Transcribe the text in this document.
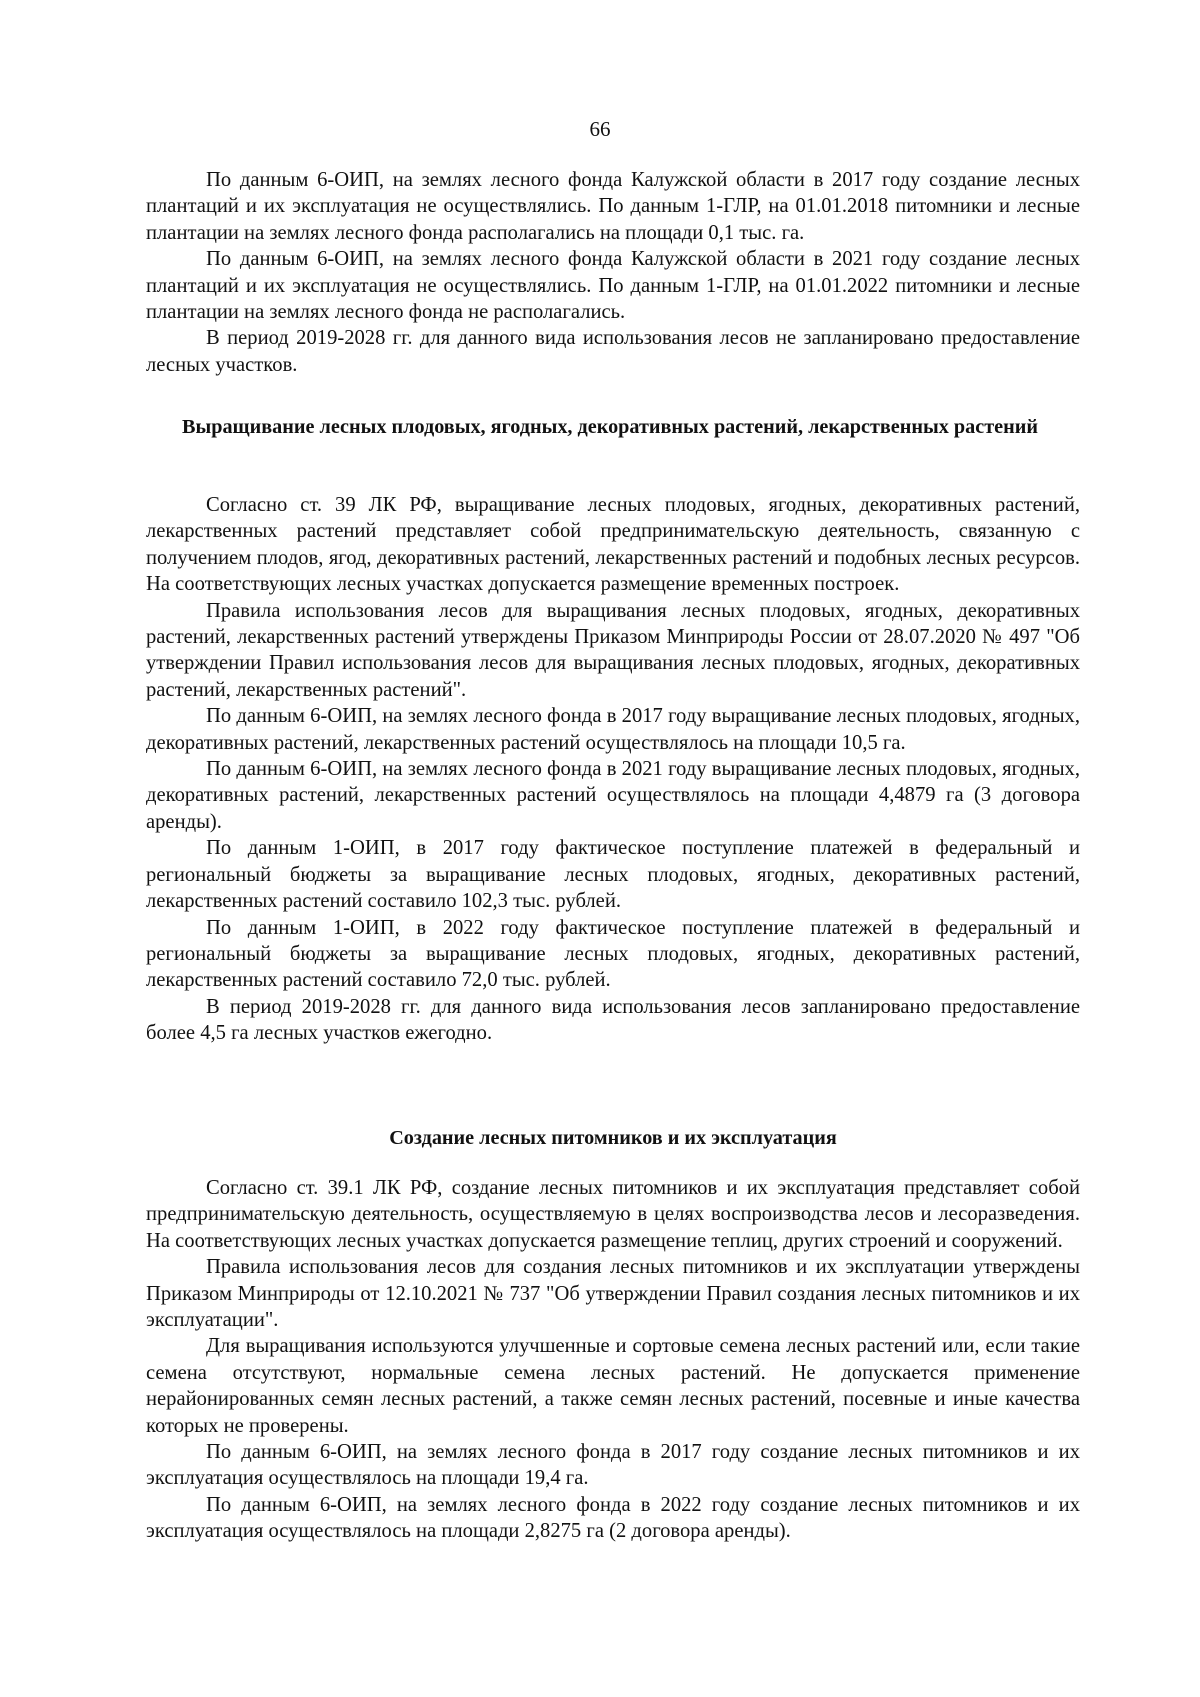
66

По данным 6-ОИП, на землях лесного фонда Калужской области в 2017 году создание лесных плантаций и их эксплуатация не осуществлялись. По данным 1-ГЛР, на 01.01.2018 питомники и лесные плантации на землях лесного фонда располагались на площади 0,1 тыс. га.

По данным 6-ОИП, на землях лесного фонда Калужской области в 2021 году создание лесных плантаций и их эксплуатация не осуществлялись. По данным 1-ГЛР, на 01.01.2022 питомники и лесные плантации на землях лесного фонда не располагались.

В период 2019-2028 гг. для данного вида использования лесов не запланировано предоставление лесных участков.

Выращивание лесных плодовых, ягодных, декоративных растений, лекарственных растений

Согласно ст. 39 ЛК РФ, выращивание лесных плодовых, ягодных, декоративных растений, лекарственных растений представляет собой предпринимательскую деятельность, связанную с получением плодов, ягод, декоративных растений, лекарственных растений и подобных лесных ресурсов. На соответствующих лесных участках допускается размещение временных построек.

Правила использования лесов для выращивания лесных плодовых, ягодных, декоративных растений, лекарственных растений утверждены Приказом Минприроды России от 28.07.2020 № 497 "Об утверждении Правил использования лесов для выращивания лесных плодовых, ягодных, декоративных растений, лекарственных растений".

По данным 6-ОИП, на землях лесного фонда в 2017 году выращивание лесных плодовых, ягодных, декоративных растений, лекарственных растений осуществлялось на площади 10,5 га.

По данным 6-ОИП, на землях лесного фонда в 2021 году выращивание лесных плодовых, ягодных, декоративных растений, лекарственных растений осуществлялось на площади 4,4879 га (3 договора аренды).

По данным 1-ОИП, в 2017 году фактическое поступление платежей в федеральный и региональный бюджеты за выращивание лесных плодовых, ягодных, декоративных растений, лекарственных растений составило 102,3 тыс. рублей.

По данным 1-ОИП, в 2022 году фактическое поступление платежей в федеральный и региональный бюджеты за выращивание лесных плодовых, ягодных, декоративных растений, лекарственных растений составило 72,0 тыс. рублей.

В период 2019-2028 гг. для данного вида использования лесов запланировано предоставление более 4,5 га лесных участков ежегодно.

Создание лесных питомников и их эксплуатация

Согласно ст. 39.1 ЛК РФ, создание лесных питомников и их эксплуатация представляет собой предпринимательскую деятельность, осуществляемую в целях воспроизводства лесов и лесоразведения. На соответствующих лесных участках допускается размещение теплиц, других строений и сооружений.

Правила использования лесов для создания лесных питомников и их эксплуатации утверждены Приказом Минприроды от 12.10.2021 № 737 "Об утверждении Правил создания лесных питомников и их эксплуатации".

Для выращивания используются улучшенные и сортовые семена лесных растений или, если такие семена отсутствуют, нормальные семена лесных растений. Не допускается применение нерайонированных семян лесных растений, а также семян лесных растений, посевные и иные качества которых не проверены.

По данным 6-ОИП, на землях лесного фонда в 2017 году создание лесных питомников и их эксплуатация осуществлялось на площади 19,4 га.

По данным 6-ОИП, на землях лесного фонда в 2022 году создание лесных питомников и их эксплуатация осуществлялось на площади 2,8275 га (2 договора аренды).
